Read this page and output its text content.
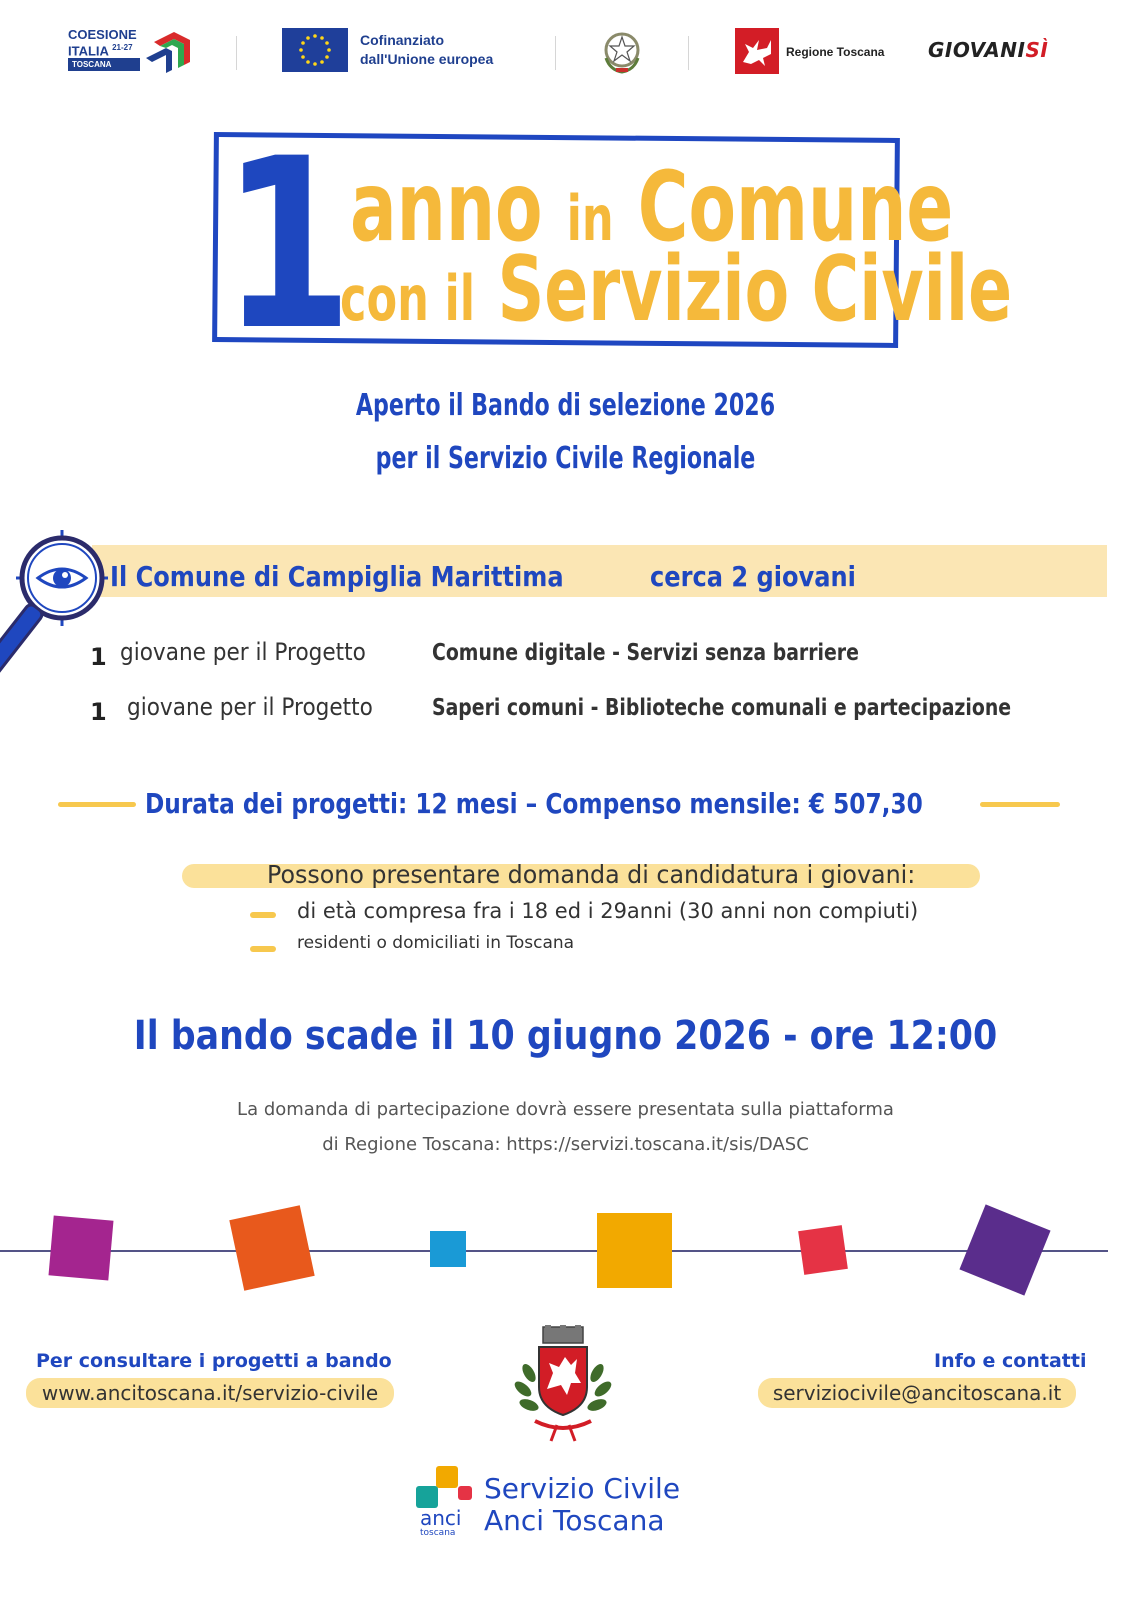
COESIONE
ITALIA $^{21-27}$
TOSCANA
Cofinanziato
dall'Unione europea	Regione Toscana GIOVANISÌ
1 anno in Comune
con il Servizio Civile
Aperto il Bando di selezione 2026
per il Servizio Civile Regionale
Il Comune di Campiglia Marittima	cerca 2 giovani
1 giovane per il Progetto	Comune digitale - Servizi senza barriere
1 giovane per il Progetto	Saperi comuni - Biblioteche comunali e partecipazione
Durata dei progetti: 12 mesi – Compenso mensile: € 507,30
Possono presentare domanda di candidatura i giovani:
di età compresa fra i 18 ed i 29anni (30 anni non compiuti)
residenti o domiciliati in Toscana
Il bando scade il 10 giugno 2026 - ore 12:00
La domanda di partecipazione dovrà essere presentata sulla piattaforma
di Regione Toscana: https://servizi.toscana.it/sis/DASC
Per consultare i progetti a bando
www.ancitoscana.it/servizio-civile
Info e contatti
serviziocivile@ancitoscana.it
anci
toscana
Servizio Civile
Anci Toscana
